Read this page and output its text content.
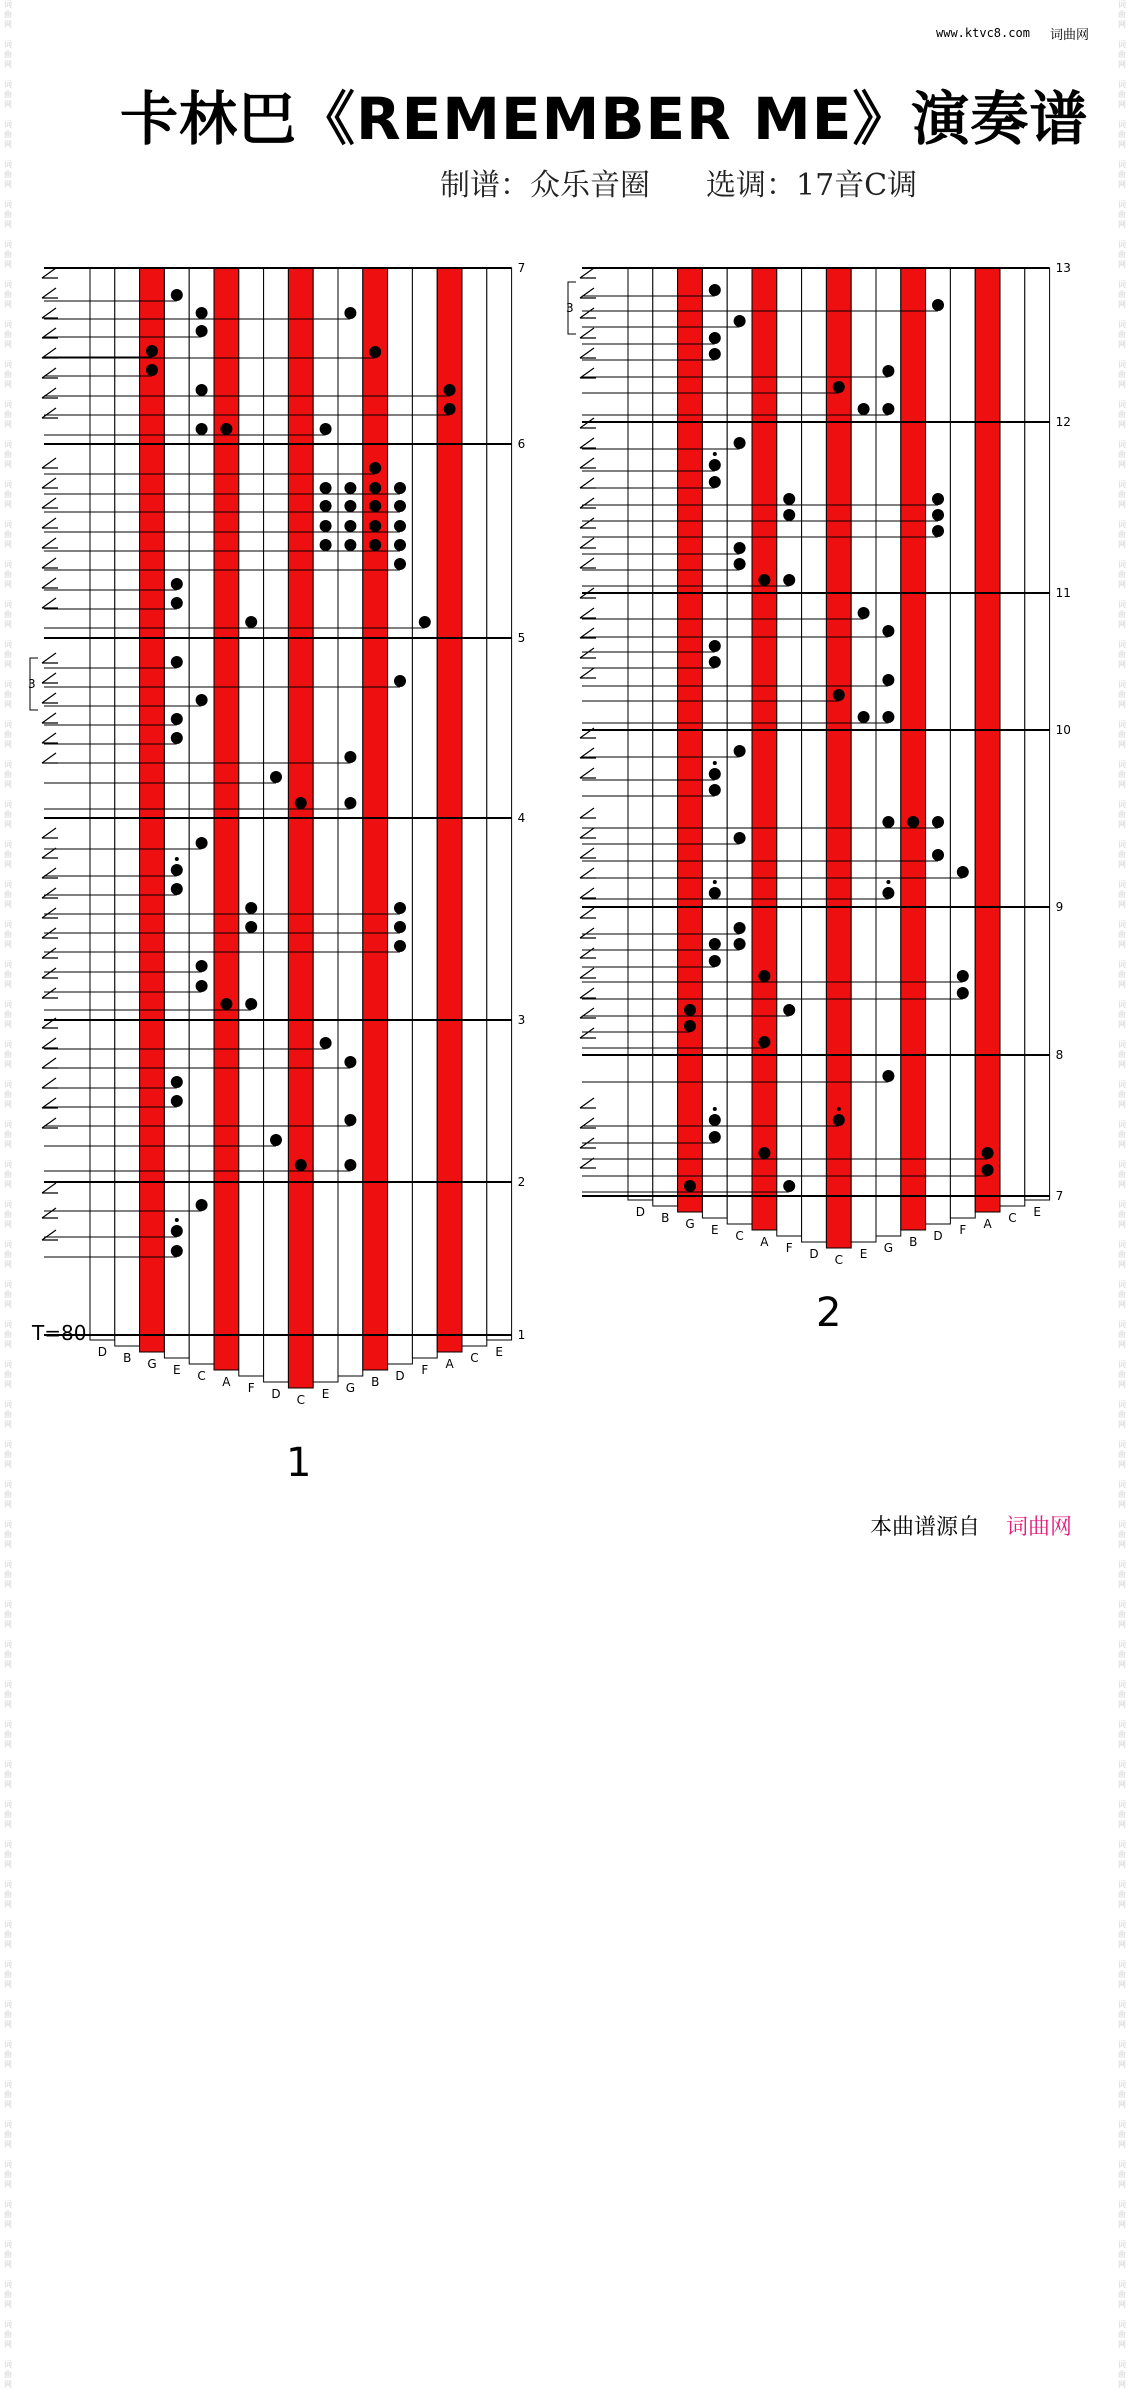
词
曲
网

词
曲
网

词
曲
网

词
曲
网

词
曲
网

词
曲
网

词
曲
网

词
曲
网

词
曲
网

词
曲
网

词
曲
网

词
曲
网

词
曲
网

词
曲
网

词
曲
网

词
曲
网

词
曲
网

词
曲
网

词
曲
网

词
曲
网

词
曲
网

词
曲
网

词
曲
网

词
曲
网

词
曲
网

词
曲
网

词
曲
网

词
曲
网

词
曲
网

词
曲
网

词
曲
网

词
曲
网

词
曲
网

词
曲
网

词
曲
网

词
曲
网

词
曲
网

词
曲
网

词
曲
网

词
曲
网

词
曲
网

词
曲
网

词
曲
网

词
曲
网

词
曲
网

词
曲
网

词
曲
网

词
曲
网

词
曲
网

词
曲
网

词
曲
网

词
曲
网

词
曲
网

词
曲
网

词
曲
网

词
曲
网

词
曲
网

词
曲
网

词
曲
网

词
曲
网

词
曲
网

词
曲
网

词
曲
网

词
曲
网

词
曲
网

词
曲
网

词
曲
网

词
曲
网

词
曲
网

词
曲
网

词
曲
网

词
曲
网

词
曲
网

词
曲
网

词
曲
网

词
曲
网

词
曲
网

词
曲
网

词
曲
网

词
曲
网

词
曲
网

词
曲
网

词
曲
网

词
曲
网

词
曲
网

词
曲
网

词
曲
网

词
曲
网

词
曲
网

词
曲
网

词
曲
网

词
曲
网

词
曲
网

词
曲
网

词
曲
网

词
曲
网

词
曲
网

词
曲
网

词
曲
网

词
曲
网

词
曲
网

词
曲
网

词
曲
网

词
曲
网

词
曲
网

词
曲
网

词
曲
网

词
曲
网

词
曲
网

词
曲
网

词
曲
网

词
曲
网

词
曲
网

词
曲
网

词
曲
网

词
曲
网

词
曲
网

词
曲
网

词
曲
网

词
曲
网

www.ktvc8.com 词曲网
卡林巴《REMEMBER ME》演奏谱
制谱：众乐音圈 选调：17音C调
1
2
3
4
5
6
7
3
D B G E C A F D C E G B D F A C E
T=80
7
8
9
10
11
12
13
3
D B G E C A F D C E G B D F A C E
1
2
本曲谱源自 词曲网
